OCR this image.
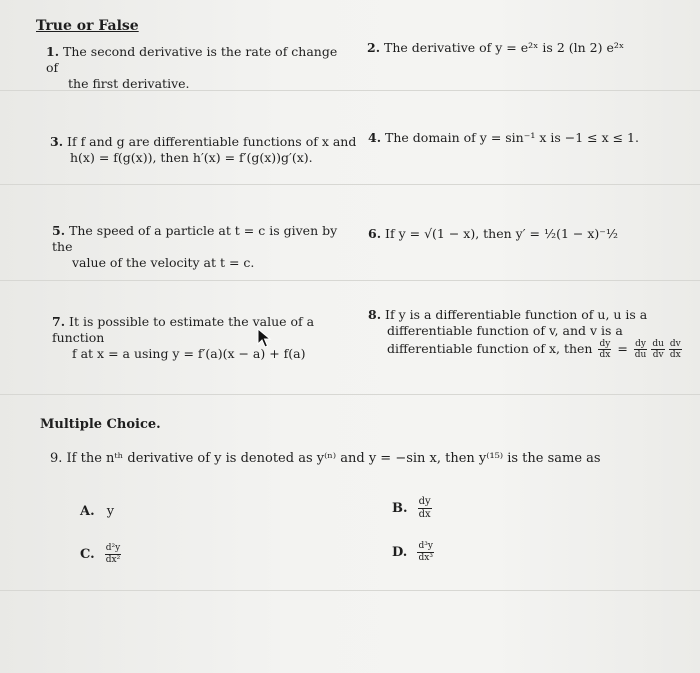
True or False
1. The second derivative is the rate of change of
the first derivative.
2. The derivative of y = e²ˣ is 2 (ln 2) e²ˣ
3. If f and g are differentiable functions of x and
h(x) = f(g(x)), then h′(x) = f′(g(x))g′(x).
4. The domain of y = sin⁻¹ x is −1 ≤ x ≤ 1.
5. The speed of a particle at t = c is given by the
value of the velocity at t = c.
6. If y = √(1 − x), then y′ = ½(1 − x)⁻½
7. It is possible to estimate the value of a function
f at x = a using y = f′(a)(x − a) + f(a)
8. If y is a differentiable function of u, u is a
differentiable function of v, and v is a
differentiable function of x, then $\frac{dy}{dx} = \frac{dy}{du} \frac{du}{dv} \frac{dv}{dx}$
Multiple Choice.
9. If the nᵗʰ derivative of y is denoted as y⁽ⁿ⁾ and y = −sin x, then y⁽¹⁵⁾ is the same as
A. y	B. $\frac{dy}{dx}$
C. $\frac{\text{d²y}}{\text{dx²}}$	D. $\frac{\text{d³y}}{\text{dx³}}$
